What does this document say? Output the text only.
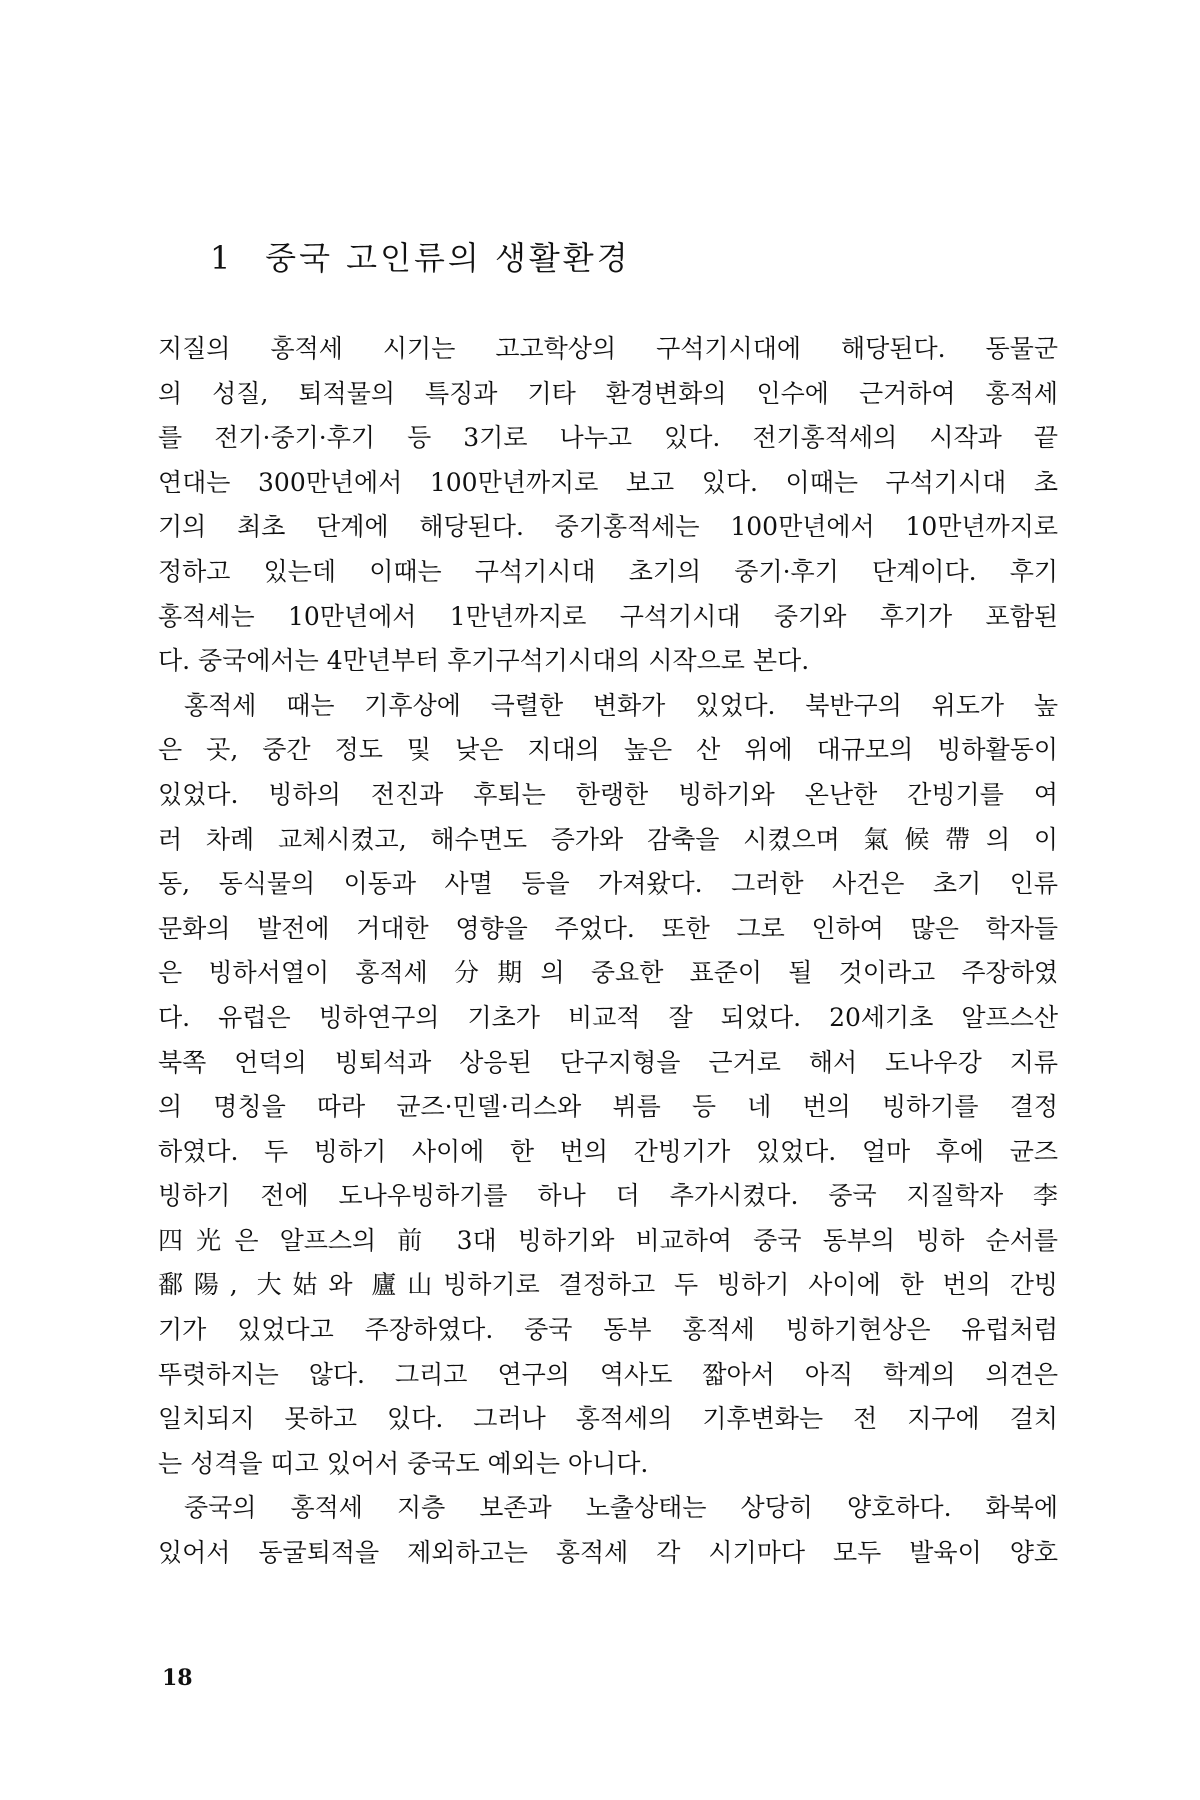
1 중국 고인류의 생활환경
지질의 홍적세 시기는 고고학상의 구석기시대에 해당된다. 동물군
의 성질, 퇴적물의 특징과 기타 환경변화의 인수에 근거하여 홍적세
를 전기·중기·후기 등 3기로 나누고 있다. 전기홍적세의 시작과 끝
연대는 300만년에서 100만년까지로 보고 있다. 이때는 구석기시대 초
기의 최초 단계에 해당된다. 중기홍적세는 100만년에서 10만년까지로
정하고 있는데 이때는 구석기시대 초기의 중기·후기 단계이다. 후기
홍적세는 10만년에서 1만년까지로 구석기시대 중기와 후기가 포함된
다. 중국에서는 4만년부터 후기구석기시대의 시작으로 본다.
홍적세 때는 기후상에 극렬한 변화가 있었다. 북반구의 위도가 높
은 곳, 중간 정도 및 낮은 지대의 높은 산 위에 대규모의 빙하활동이
있었다. 빙하의 전진과 후퇴는 한랭한 빙하기와 온난한 간빙기를 여
러 차례 교체시켰고, 해수면도 증가와 감축을 시켰으며 氣候帶의 이
동, 동식물의 이동과 사멸 등을 가져왔다. 그러한 사건은 초기 인류
문화의 발전에 거대한 영향을 주었다. 또한 그로 인하여 많은 학자들
은 빙하서열이 홍적세 分期의 중요한 표준이 될 것이라고 주장하였
다. 유럽은 빙하연구의 기초가 비교적 잘 되었다. 20세기초 알프스산
북쪽 언덕의 빙퇴석과 상응된 단구지형을 근거로 해서 도나우강 지류
의 명칭을 따라 균즈·민델·리스와 뷔름 등 네 번의 빙하기를 결정
하였다. 두 빙하기 사이에 한 번의 간빙기가 있었다. 얼마 후에 균즈
빙하기 전에 도나우빙하기를 하나 더 추가시켰다. 중국 지질학자 李
四光은 알프스의 前 3대 빙하기와 비교하여 중국 동부의 빙하 순서를
鄱陽, 大姑와 廬山빙하기로 결정하고 두 빙하기 사이에 한 번의 간빙
기가 있었다고 주장하였다. 중국 동부 홍적세 빙하기현상은 유럽처럼
뚜렷하지는 않다. 그리고 연구의 역사도 짧아서 아직 학계의 의견은
일치되지 못하고 있다. 그러나 홍적세의 기후변화는 전 지구에 걸치
는 성격을 띠고 있어서 중국도 예외는 아니다.
중국의 홍적세 지층 보존과 노출상태는 상당히 양호하다. 화북에
있어서 동굴퇴적을 제외하고는 홍적세 각 시기마다 모두 발육이 양호
18
